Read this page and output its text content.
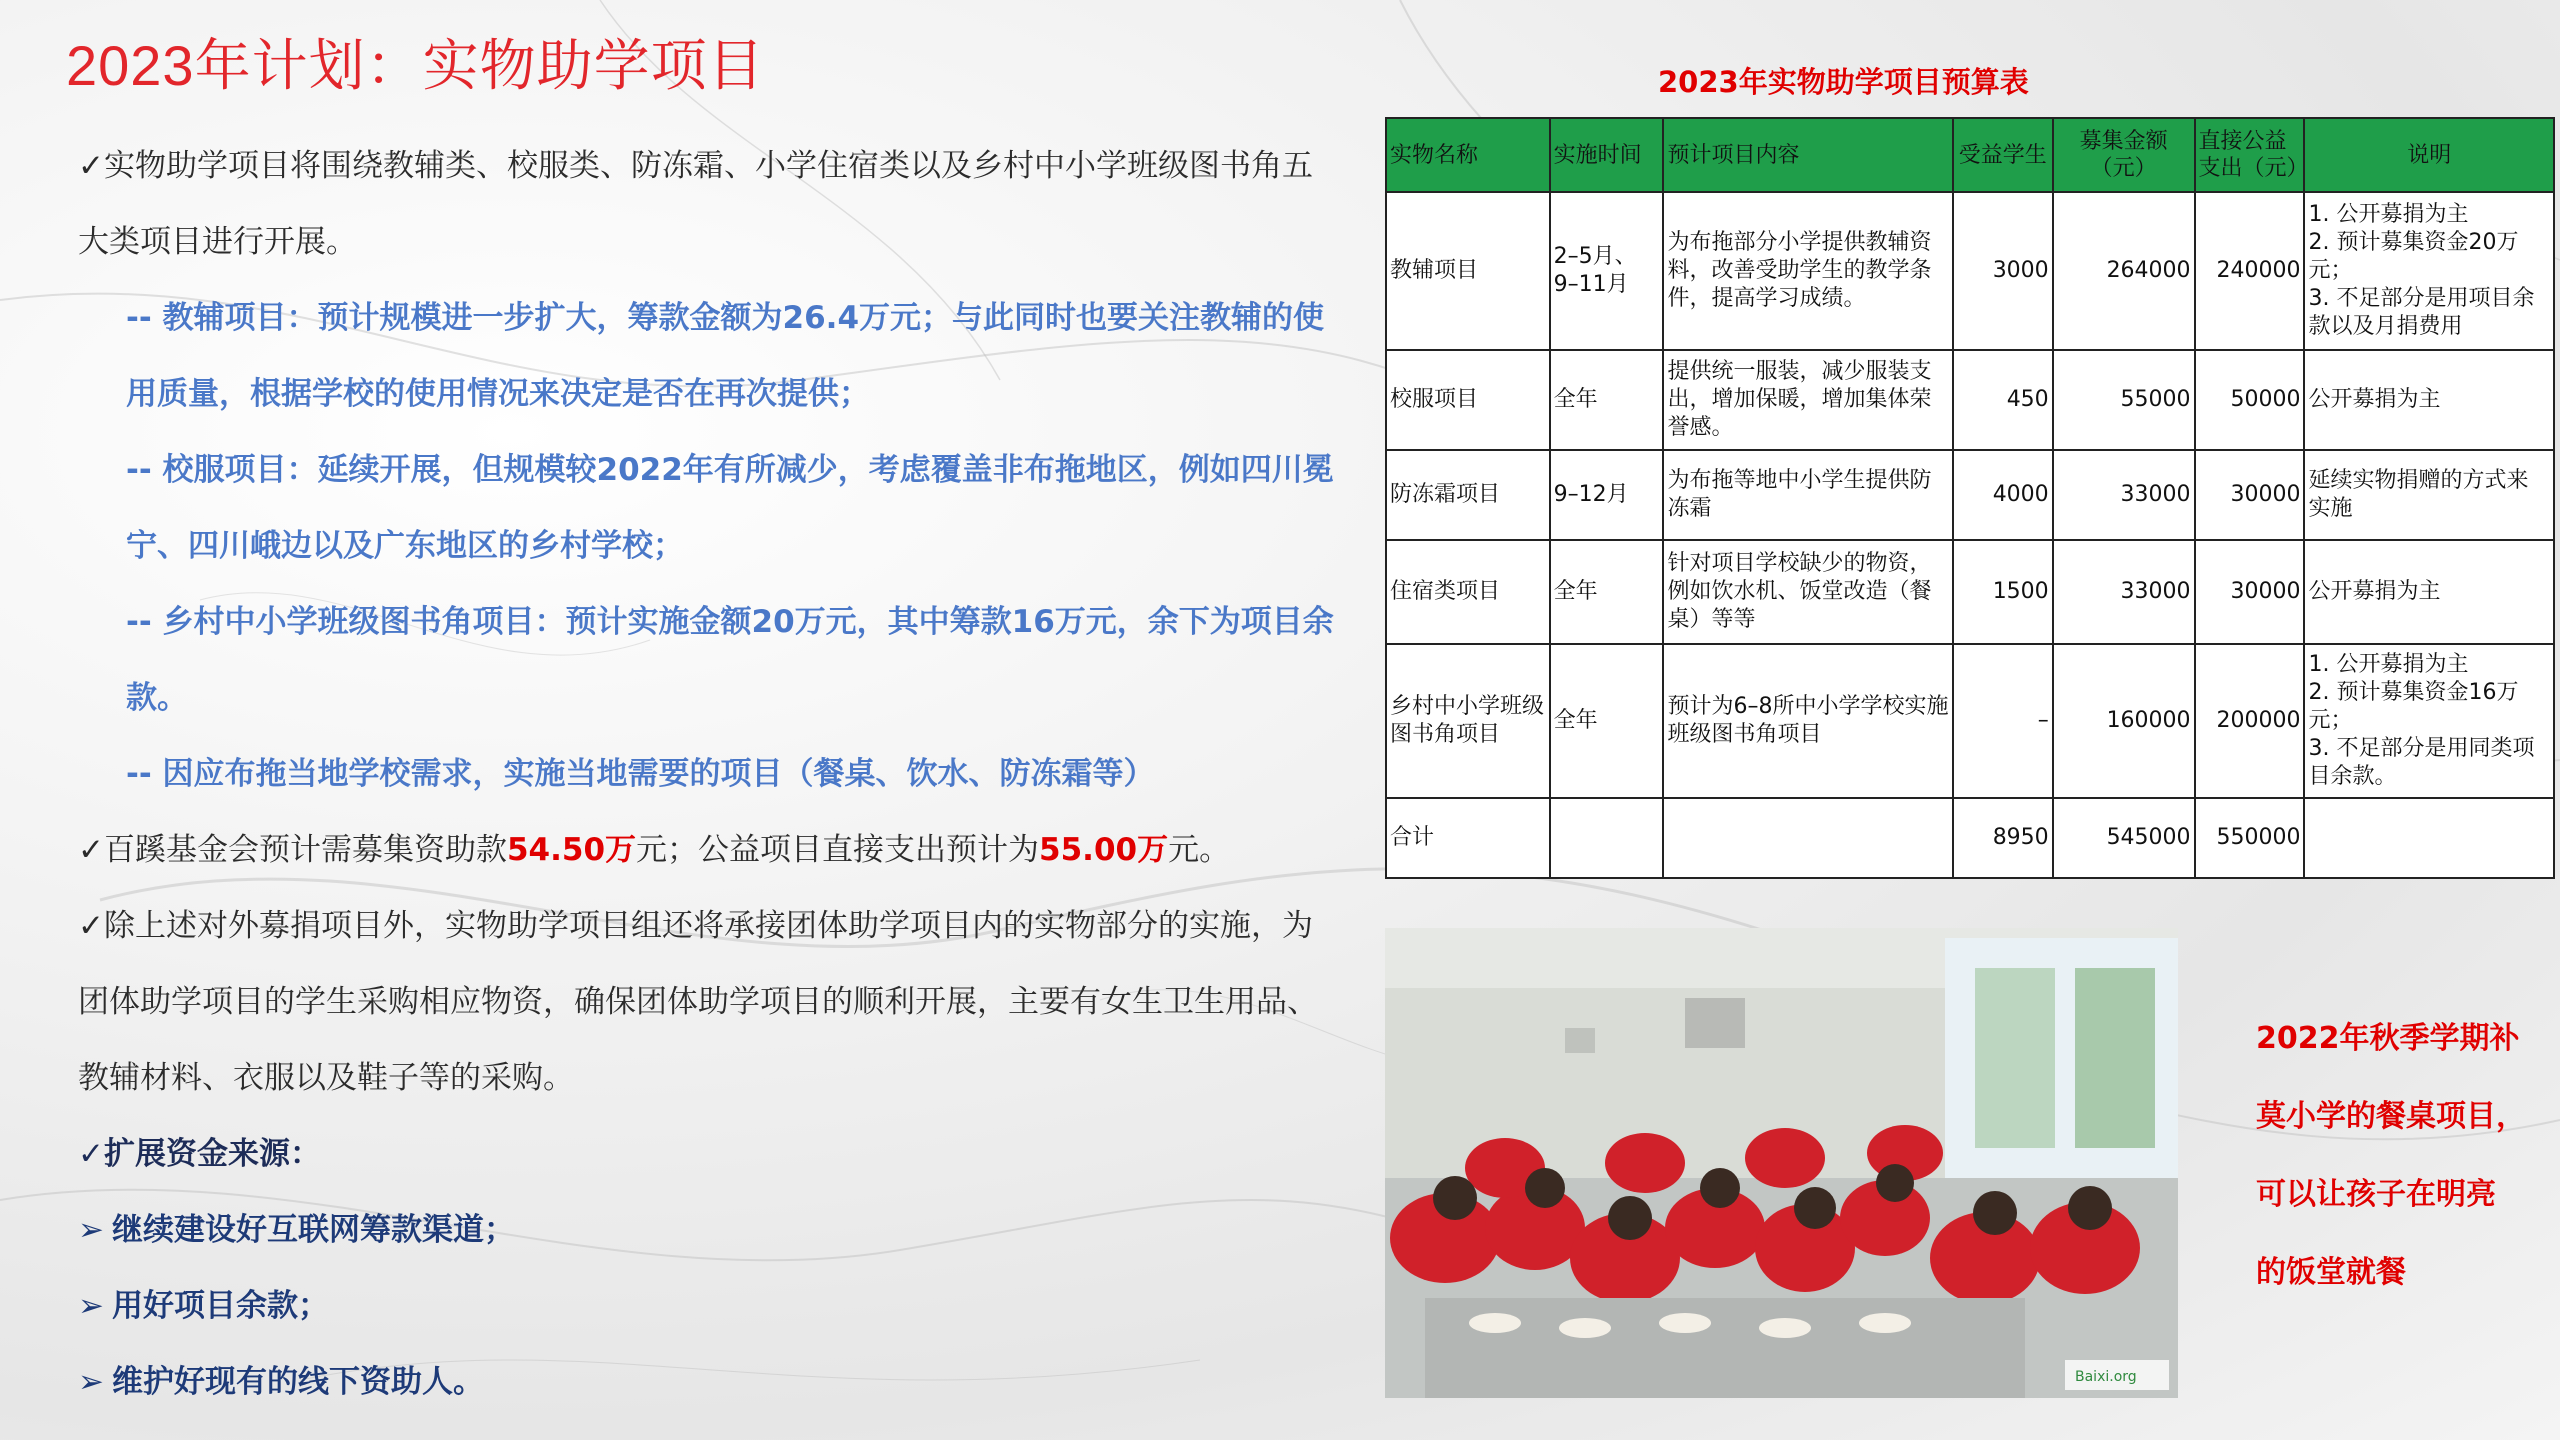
2023年计划：实物助学项目

✓实物助学项目将围绕教辅类、校服类、防冻霜、小学住宿类以及乡村中小学班级图书角五大类项目进行开展。

-- 教辅项目：预计规模进一步扩大，筹款金额为26.4万元；与此同时也要关注教辅的使用质量，根据学校的使用情况来决定是否在再次提供；

-- 校服项目：延续开展，但规模较2022年有所减少，考虑覆盖非布拖地区，例如四川冕宁、四川峨边以及广东地区的乡村学校；

-- 乡村中小学班级图书角项目：预计实施金额20万元，其中筹款16万元，余下为项目余款。

-- 因应布拖当地学校需求，实施当地需要的项目（餐桌、饮水、防冻霜等）

✓百蹊基金会预计需募集资助款54.50万元；公益项目直接支出预计为55.00万元。

✓除上述对外募捐项目外，实物助学项目组还将承接团体助学项目内的实物部分的实施，为团体助学项目的学生采购相应物资，确保团体助学项目的顺利开展，主要有女生卫生用品、教辅材料、衣服以及鞋子等的采购。

✓扩展资金来源：

➢ 继续建设好互联网筹款渠道；

➢ 用好项目余款；

➢ 维护好现有的线下资助人。

2023年实物助学项目预算表
实物名称	实施时间	预计项目内容	受益学生	募集金额（元）	直接公益支出（元）	说明
教辅项目	2–5月、9–11月	为布拖部分小学提供教辅资料，改善受助学生的教学条件，提高学习成绩。	3000	264000	240000	1. 公开募捐为主
2. 预计募集资金20万元；
3. 不足部分是用项目余款以及月捐费用
校服项目	全年	提供统一服装，减少服装支出，增加保暖，增加集体荣誉感。	450	55000	50000	公开募捐为主
防冻霜项目	9–12月	为布拖等地中小学生提供防冻霜	4000	33000	30000	延续实物捐赠的方式来实施
住宿类项目	全年	针对项目学校缺少的物资，例如饮水机、饭堂改造（餐桌）等等	1500	33000	30000	公开募捐为主
乡村中小学班级图书角项目	全年	预计为6–8所中小学学校实施班级图书角项目	–	160000	200000	1. 公开募捐为主
2. 预计募集资金16万元；
3. 不足部分是用同类项目余款。
合计			8950	545000	550000	
Baixi.org
2022年秋季学期补
莫小学的餐桌项目，
可以让孩子在明亮
的饭堂就餐
